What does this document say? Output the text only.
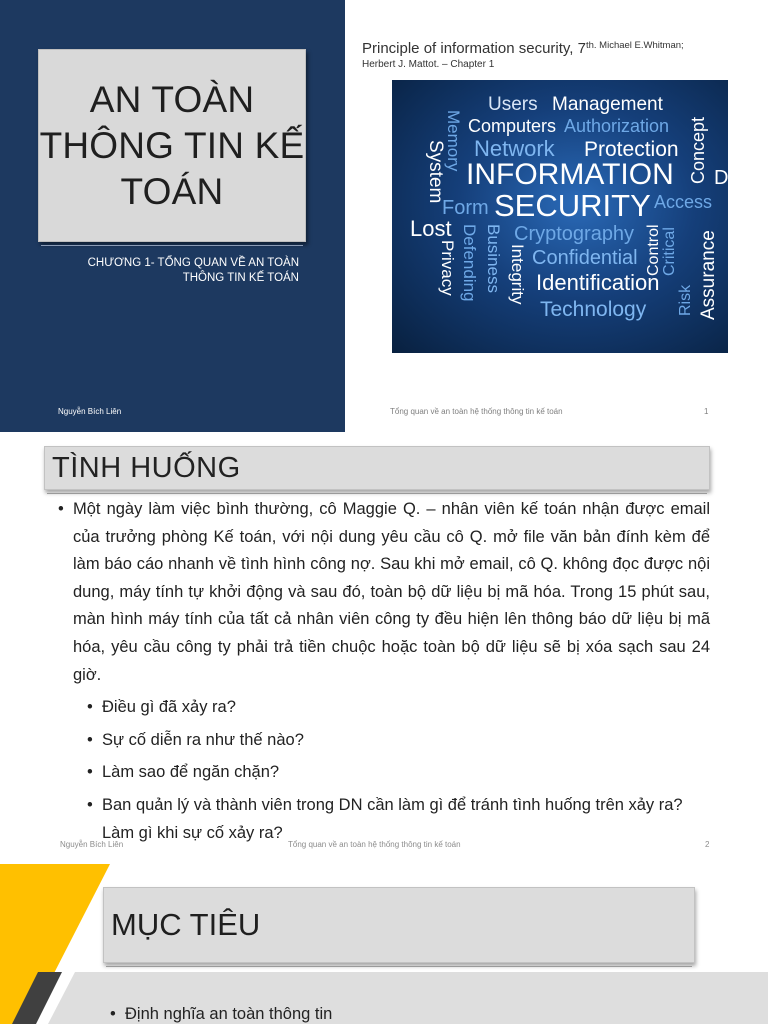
AN TOÀN
THÔNG TIN KẾ
TOÁN
CHƯƠNG 1- TỔNG QUAN VỀ AN TOÀN
THÔNG TIN KẾ TOÁN
Nguyễn Bích Liên
Principle of information security, 7$^{th. Michael E.Whitman;}$
Herbert J. Mattot. – Chapter 1
Users Management
Computers Authorization
Network Protection
INFORMATION
Form SECURITY Access
Lost	Cryptography
Confidential
Identification
Technology
System
Memory
Privacy Defending Business Integrity	Control
Risk
Critical Assurance
Concept D
Tổng quan về an toàn hệ thống thông tin kế toán	1
TÌNH HUỐNG
• Một ngày làm việc bình thường, cô Maggie Q. – nhân viên kế toán nhận được email của trưởng phòng Kế toán, với nội dung yêu cầu cô Q. mở file văn bản đính kèm để làm báo cáo nhanh về tình hình công nợ. Sau khi mở email, cô Q. không đọc được nội dung, máy tính tự khởi động và sau đó, toàn bộ dữ liệu bị mã hóa. Trong 15 phút sau, màn hình máy tính của tất cả nhân viên công ty đều hiện lên thông báo dữ liệu bị mã hóa, yêu cầu công ty phải trả tiền chuộc hoặc toàn bộ dữ liệu sẽ bị xóa sạch sau 24 giờ.
• Điều gì đã xảy ra?
• Sự cố diễn ra như thế nào?
• Làm sao để ngăn chặn?
• Ban quản lý và thành viên trong DN cần làm gì để tránh tình huống trên xảy ra? Làm gì khi sự cố xảy ra?
Nguyễn Bích Liên	Tổng quan về an toàn hệ thống thông tin kế toán	2
MỤC TIÊU
• Định nghĩa an toàn thông tin
